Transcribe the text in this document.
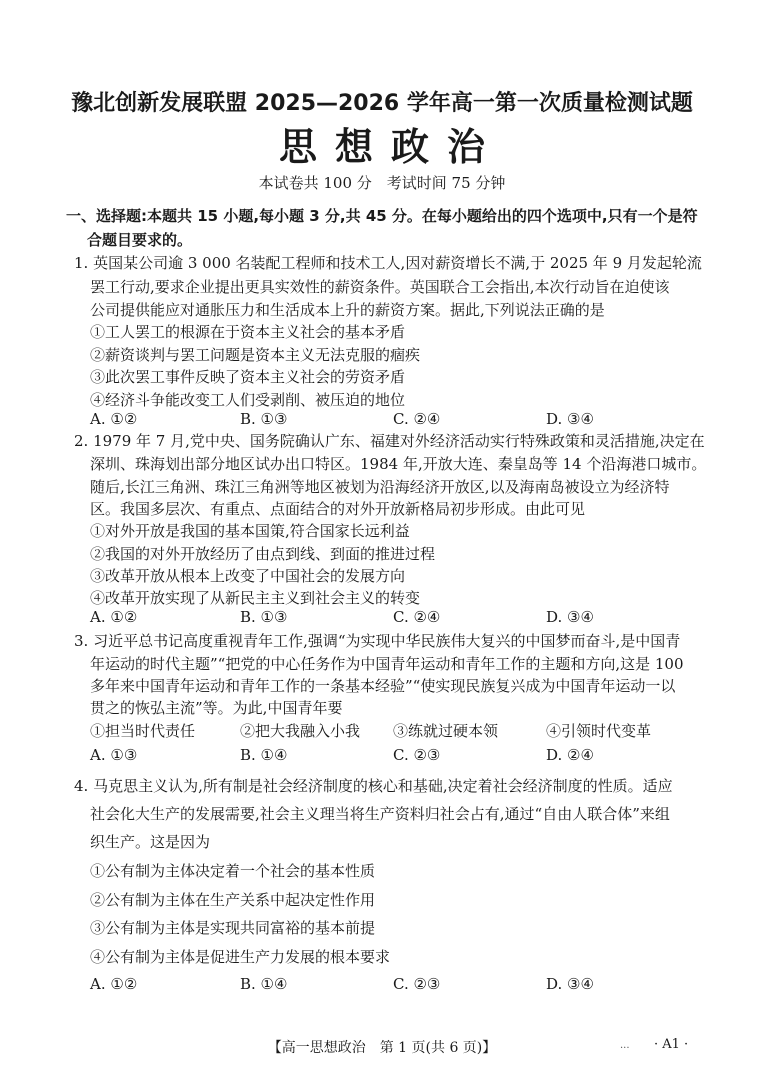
豫北创新发展联盟 2025—2026 学年高一第一次质量检测试题
思想政治
本试卷共 100 分　考试时间 75 分钟
一、选择题:本题共 15 小题,每小题 3 分,共 45 分。在每小题给出的四个选项中,只有一个是符
合题目要求的。
1. 英国某公司逾 3 000 名装配工程师和技术工人,因对薪资增长不满,于 2025 年 9 月发起轮流
罢工行动,要求企业提出更具实效性的薪资条件。英国联合工会指出,本次行动旨在迫使该
公司提供能应对通胀压力和生活成本上升的薪资方案。据此,下列说法正确的是
①工人罢工的根源在于资本主义社会的基本矛盾
②薪资谈判与罢工问题是资本主义无法克服的痼疾
③此次罢工事件反映了资本主义社会的劳资矛盾
④经济斗争能改变工人们受剥削、被压迫的地位
A. ①②	B. ①③	C. ②④	D. ③④
2. 1979 年 7 月,党中央、国务院确认广东、福建对外经济活动实行特殊政策和灵活措施,决定在
深圳、珠海划出部分地区试办出口特区。1984 年,开放大连、秦皇岛等 14 个沿海港口城市。
随后,长江三角洲、珠江三角洲等地区被划为沿海经济开放区,以及海南岛被设立为经济特
区。我国多层次、有重点、点面结合的对外开放新格局初步形成。由此可见
①对外开放是我国的基本国策,符合国家长远利益
②我国的对外开放经历了由点到线、到面的推进过程
③改革开放从根本上改变了中国社会的发展方向
④改革开放实现了从新民主主义到社会主义的转变
A. ①②	B. ①③	C. ②④	D. ③④
3. 习近平总书记高度重视青年工作,强调“为实现中华民族伟大复兴的中国梦而奋斗,是中国青
年运动的时代主题”“把党的中心任务作为中国青年运动和青年工作的主题和方向,这是 100
多年来中国青年运动和青年工作的一条基本经验”“使实现民族复兴成为中国青年运动一以
贯之的恢弘主流”等。为此,中国青年要
①担当时代责任	②把大我融入小我 ③练就过硬本领	④引领时代变革
A. ①③	B. ①④	C. ②③	D. ②④
4. 马克思主义认为,所有制是社会经济制度的核心和基础,决定着社会经济制度的性质。适应
社会化大生产的发展需要,社会主义理当将生产资料归社会占有,通过“自由人联合体”来组
织生产。这是因为
①公有制为主体决定着一个社会的基本性质
②公有制为主体在生产关系中起决定性作用
③公有制为主体是实现共同富裕的基本前提
④公有制为主体是促进生产力发展的根本要求
A. ①②	B. ①④	C. ②③	D. ③④
【高一思想政治　第 1 页(共 6 页)】	... · A1 ·
